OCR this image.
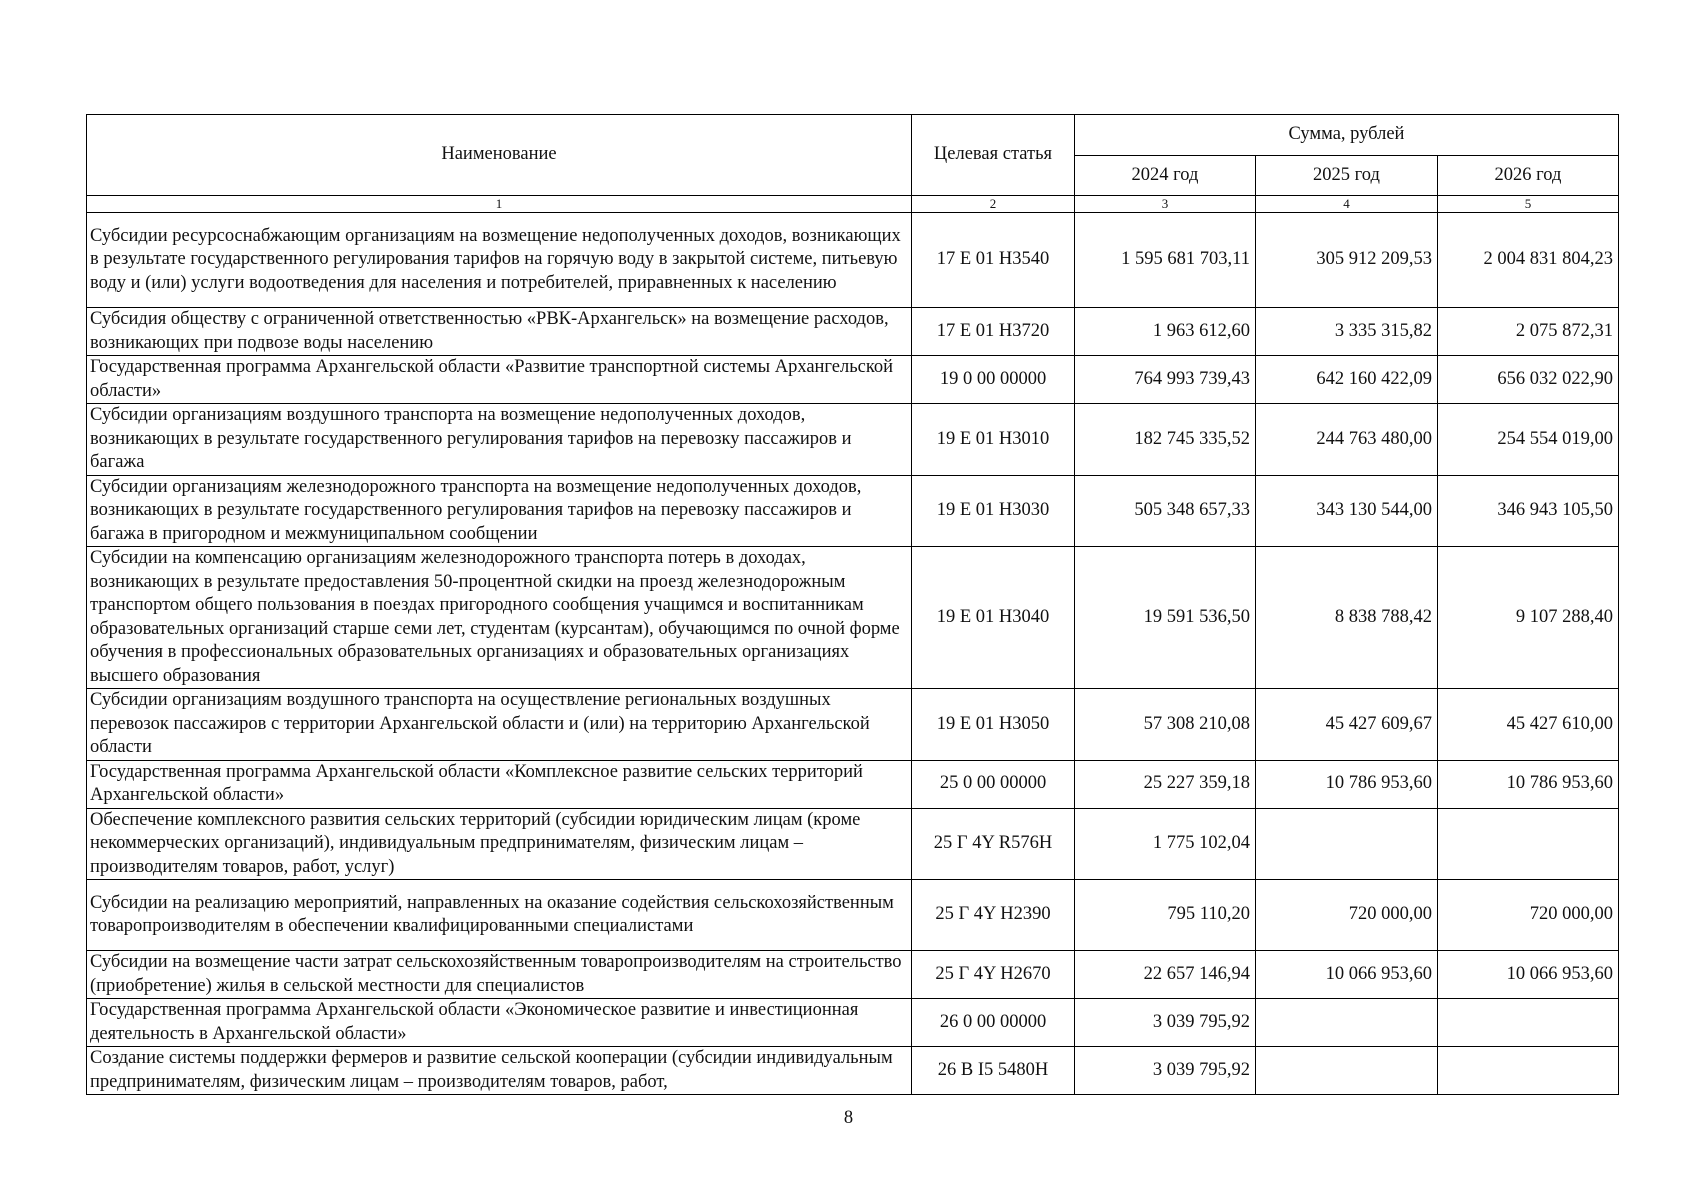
Наименование	Целевая статья	Сумма, рублей		
		2024 год	2025 год	2026 год
1	2	3	4	5
Субсидии ресурсоснабжающим организациям на возмещение недополученных доходов, возникающих в результате государственного регулирования тарифов на горячую воду в закрытой системе, питьевую воду и (или) услуги водоотведения для населения и потребителей, приравненных к населению	17 Е 01 Н3540	1 595 681 703,11	305 912 209,53	2 004 831 804,23
Субсидия обществу с ограниченной ответственностью «РВК-Архангельск» на возмещение расходов, возникающих при подвозе воды населению	17 Е 01 Н3720	1 963 612,60	3 335 315,82	2 075 872,31
Государственная программа Архангельской области «Развитие транспортной системы Архангельской области»	19 0 00 00000	764 993 739,43	642 160 422,09	656 032 022,90
Субсидии организациям воздушного транспорта на возмещение недополученных доходов, возникающих в результате государственного регулирования тарифов на перевозку пассажиров и багажа	19 Е 01 Н3010	182 745 335,52	244 763 480,00	254 554 019,00
Субсидии организациям железнодорожного транспорта на возмещение недополученных доходов, возникающих в результате государственного регулирования тарифов на перевозку пассажиров и багажа в пригородном и межмуниципальном сообщении	19 Е 01 Н3030	505 348 657,33	343 130 544,00	346 943 105,50
Субсидии на компенсацию организациям железнодорожного транспорта потерь в доходах, возникающих в результате предоставления 50-процентной скидки на проезд железнодорожным транспортом общего пользования в поездах пригородного сообщения учащимся и воспитанникам образовательных организаций старше семи лет, студентам (курсантам), обучающимся по очной форме обучения в профессиональных образовательных организациях и образовательных организациях высшего образования	19 Е 01 Н3040	19 591 536,50	8 838 788,42	9 107 288,40
Субсидии организациям воздушного транспорта на осуществление региональных воздушных перевозок пассажиров с территории Архангельской области и (или) на территорию Архангельской области	19 Е 01 Н3050	57 308 210,08	45 427 609,67	45 427 610,00
Государственная программа Архангельской области «Комплексное развитие сельских территорий Архангельской области»	25 0 00 00000	25 227 359,18	10 786 953,60	10 786 953,60
Обеспечение комплексного развития сельских территорий (субсидии юридическим лицам (кроме некоммерческих организаций), индивидуальным предпринимателям, физическим лицам – производителям товаров, работ, услуг)	25 Г 4Y R576Н	1 775 102,04		
Субсидии на реализацию мероприятий, направленных на оказание содействия сельскохозяйственным товаропроизводителям в обеспечении квалифицированными специалистами	25 Г 4Y Н2390	795 110,20	720 000,00	720 000,00
Субсидии на возмещение части затрат сельскохозяйственным товаропроизводителям на строительство (приобретение) жилья в сельской местности для специалистов	25 Г 4Y Н2670	22 657 146,94	10 066 953,60	10 066 953,60
Государственная программа Архангельской области «Экономическое развитие и инвестиционная деятельность в Архангельской области»	26 0 00 00000	3 039 795,92		
Создание системы поддержки фермеров и развитие сельской кооперации (субсидии индивидуальным предпринимателям, физическим лицам – производителям товаров, работ,	26 В I5 5480Н	3 039 795,92		
8
